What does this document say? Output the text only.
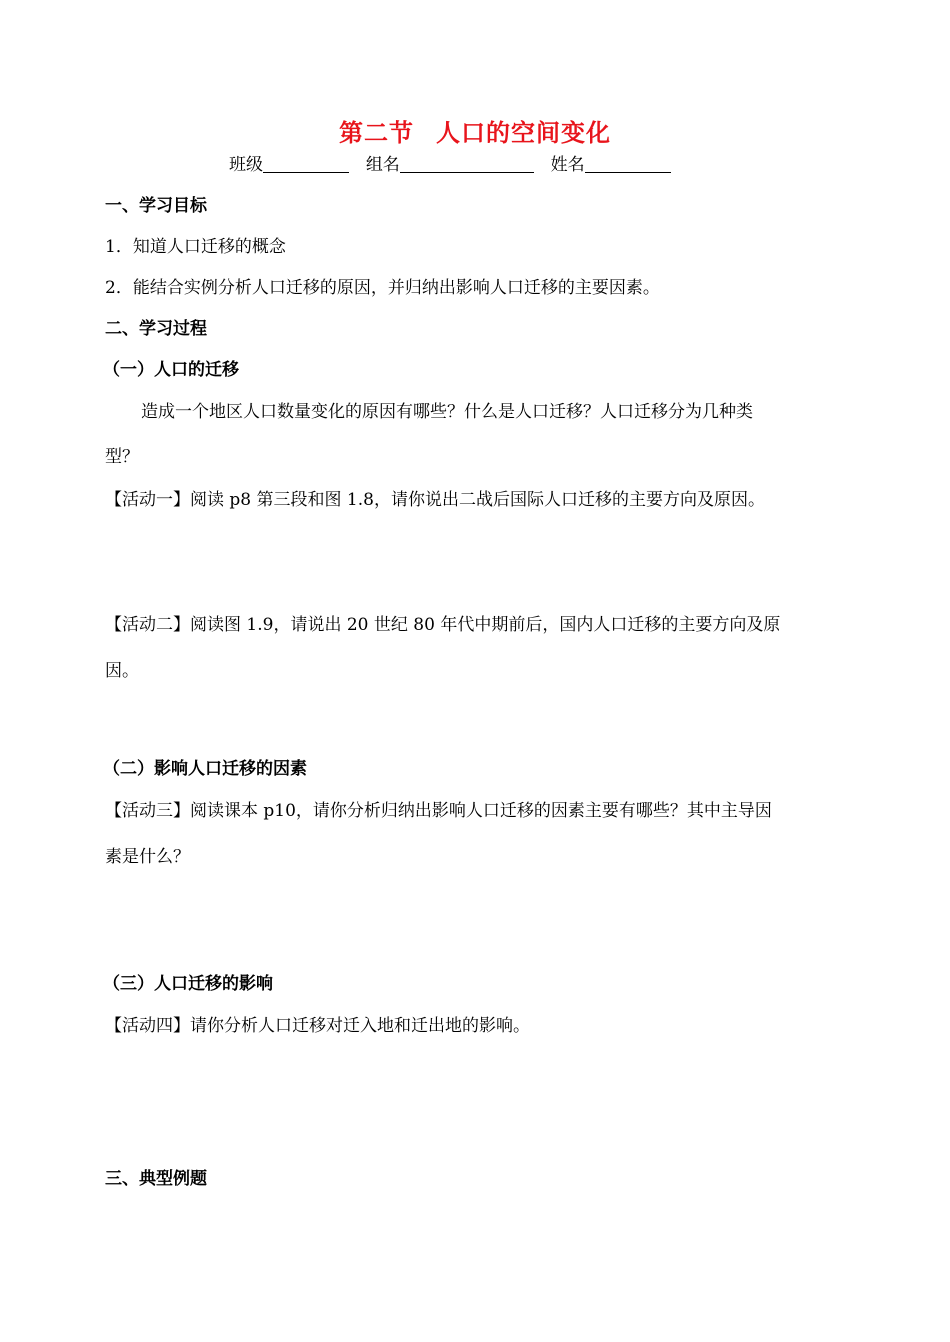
第二节 人口的空间变化
班级	组名	姓名
一、学习目标
1．知道人口迁移的概念
2．能结合实例分析人口迁移的原因，并归纳出影响人口迁移的主要因素。
二、学习过程
（一）人口的迁移
造成一个地区人口数量变化的原因有哪些？什么是人口迁移？人口迁移分为几种类
型？
【活动一】阅读 p8 第三段和图 1.8，请你说出二战后国际人口迁移的主要方向及原因。
【活动二】阅读图 1.9，请说出 20 世纪 80 年代中期前后，国内人口迁移的主要方向及原
因。
（二）影响人口迁移的因素
【活动三】阅读课本 p10，请你分析归纳出影响人口迁移的因素主要有哪些？其中主导因
素是什么？
（三）人口迁移的影响
【活动四】请你分析人口迁移对迁入地和迁出地的影响。
三、典型例题
